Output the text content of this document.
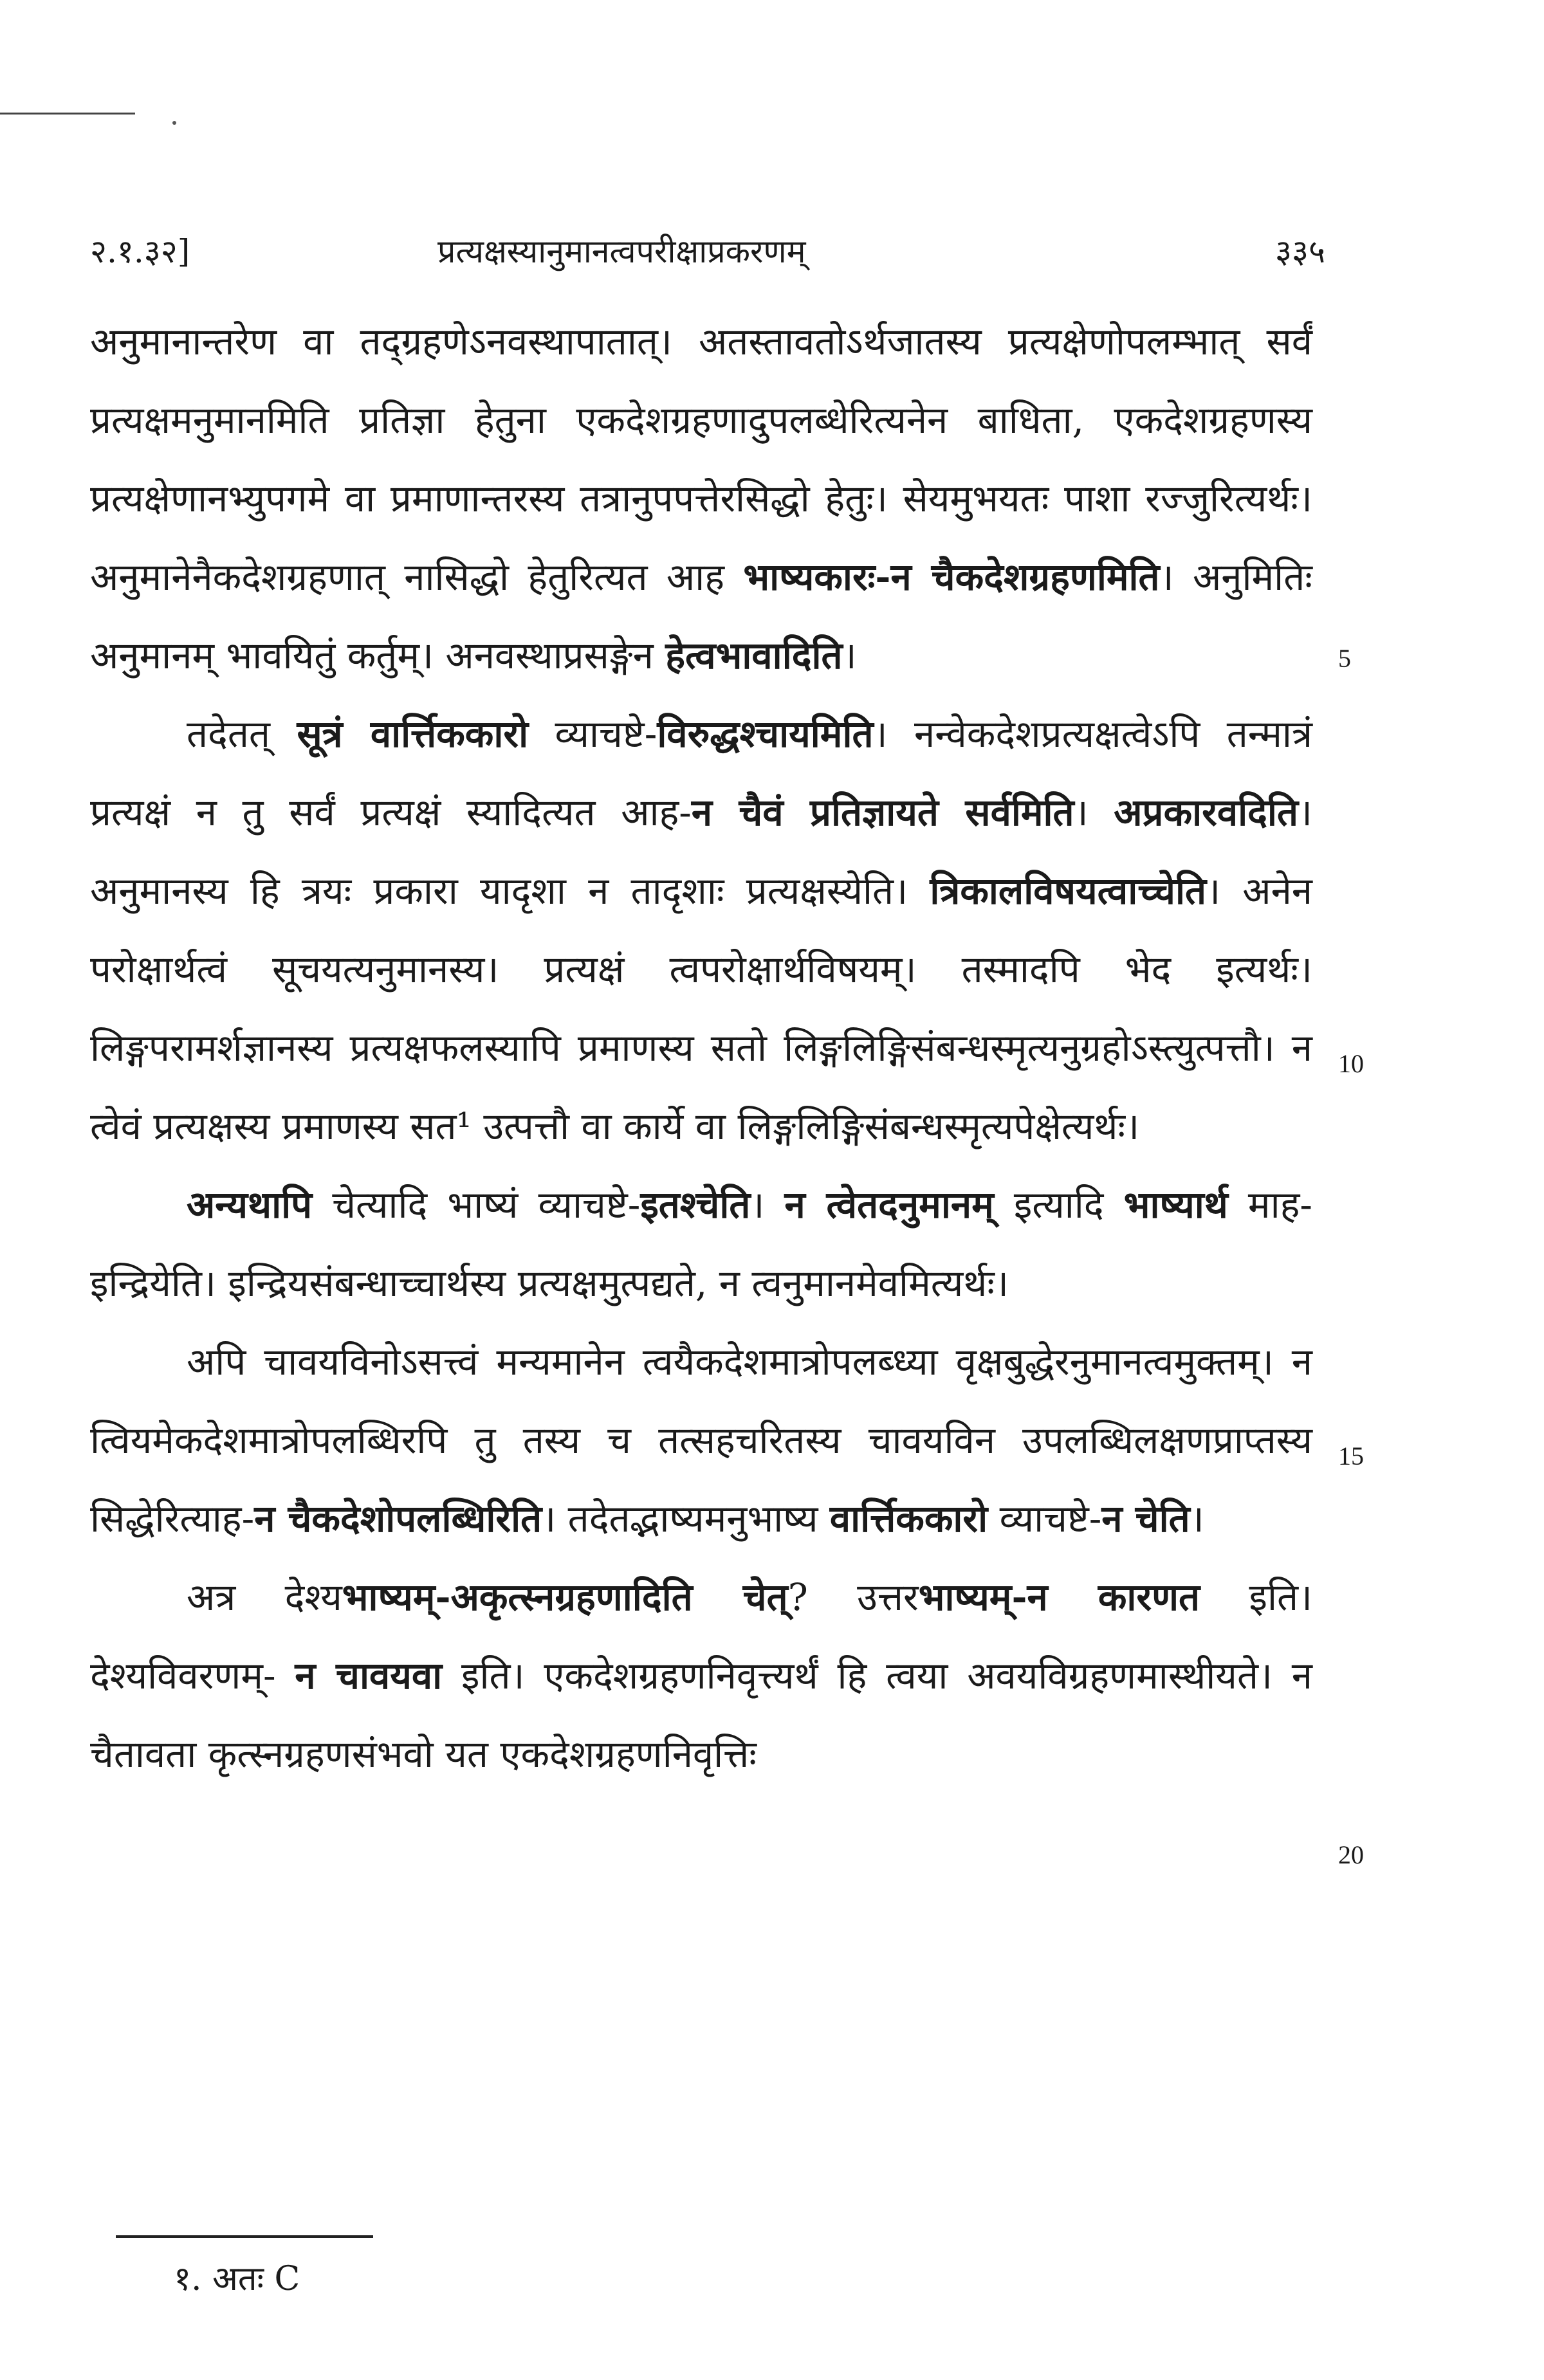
२.१.३२]	प्रत्यक्षस्यानुमानत्वपरीक्षाप्रकरणम्	३३५

अनुमानान्तरेण वा तद्ग्रहणेऽनवस्थापातात्। अतस्तावतोऽर्थजातस्य प्रत्यक्षेणोपलम्भात् सर्वं प्रत्यक्षमनुमानमिति प्रतिज्ञा हेतुना एकदेशग्रहणादुपलब्धेरित्यनेन बाधिता, एकदेशग्रहणस्य प्रत्यक्षेणानभ्युपगमे वा प्रमाणान्तरस्य तत्रानुपपत्तेरसिद्धो हेतुः। सेयमुभयतः पाशा रज्जुरित्यर्थः। अनुमानेनैकदेशग्रहणात् नासिद्धो हेतुरित्यत आह भाष्यकारः-न चैकदेशग्रहणमिति। अनुमितिः अनुमानम् भावयितुं कर्तुम्। अनवस्थाप्रसङ्गेन हेत्वभावादिति।

तदेतत् सूत्रं वार्त्तिककारो व्याचष्टे-विरुद्धश्चायमिति। नन्वेकदेशप्रत्यक्षत्वेऽपि तन्मात्रं प्रत्यक्षं न तु सर्वं प्रत्यक्षं स्यादित्यत आह-न चैवं प्रतिज्ञायते सर्वमिति। अप्रकारवदिति। अनुमानस्य हि त्रयः प्रकारा यादृशा न तादृशाः प्रत्यक्षस्येति। त्रिकालविषयत्वाच्चेति। अनेन परोक्षार्थत्वं सूचयत्यनुमानस्य। प्रत्यक्षं त्वपरोक्षार्थविषयम्। तस्मादपि भेद इत्यर्थः। लिङ्गपरामर्शज्ञानस्य प्रत्यक्षफलस्यापि प्रमाणस्य सतो लिङ्गलिङ्गिसंबन्धस्मृत्यनुग्रहोऽस्त्युत्पत्तौ। न त्वेवं प्रत्यक्षस्य प्रमाणस्य सत¹ उत्पत्तौ वा कार्ये वा लिङ्गलिङ्गिसंबन्धस्मृत्यपेक्षेत्यर्थः।

अन्यथापि चेत्यादि भाष्यं व्याचष्टे-इतश्चेति। न त्वेतदनुमानम् इत्यादि भाष्यार्थ माह-इन्द्रियेति। इन्द्रियसंबन्धाच्चार्थस्य प्रत्यक्षमुत्पद्यते, न त्वनुमानमेवमित्यर्थः।

अपि चावयविनोऽसत्त्वं मन्यमानेन त्वयैकदेशमात्रोपलब्ध्या वृक्षबुद्धेरनुमानत्वमुक्तम्। न त्वियमेकदेशमात्रोपलब्धिरपि तु तस्य च तत्सहचरितस्य चावयविन उपलब्धिलक्षणप्राप्तस्य सिद्धेरित्याह-न चैकदेशोपलब्धिरिति। तदेतद्भाष्यमनुभाष्य वार्त्तिककारो व्याचष्टे-न चेति।

अत्र देश्यभाष्यम्-अकृत्स्नग्रहणादिति चेत्? उत्तरभाष्यम्-न कारणत इति। देश्यविवरणम्- न चावयवा इति। एकदेशग्रहणनिवृत्त्यर्थं हि त्वया अवयविग्रहणमास्थीयते। न चैतावता कृत्स्नग्रहणसंभवो यत एकदेशग्रहणनिवृत्तिः

5
10
15
20
१. अतः C
